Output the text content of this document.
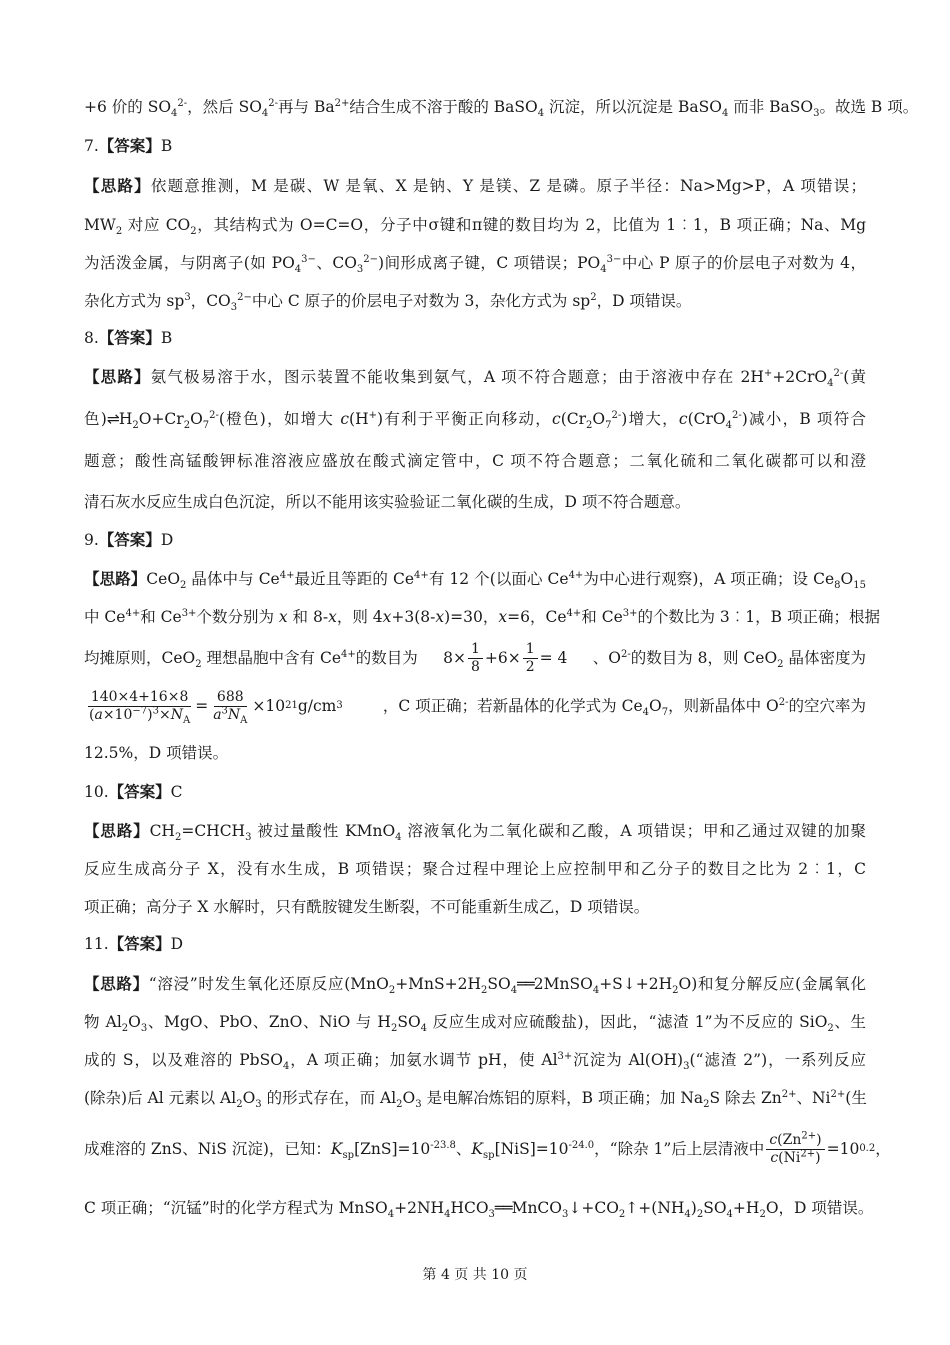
+6 价的 $SO_4^{2-}$，然后 $SO_4^{2-}$再与 $Ba^{2+}$结合生成不溶于酸的 BaSO$_4$ 沉淀，所以沉淀是 BaSO$_4$ 而非 BaSO$_3$。故选 B 项。
7.【答案】B
【思路】依题意推测，M 是碳、W 是氧、X 是钠、Y 是镁、Z 是磷。原子半径：Na>Mg>P，A 项错误；
$MW_2$ 对应 $CO_2$，其结构式为 O=C=O，分子中σ键和π键的数目均为 2，比值为 1︰1，B 项正确；Na、Mg
为活泼金属，与阴离子(如 $PO_4^{3-}$、$CO_3^{2-}$)间形成离子键，C 项错误；$PO_4^{3-}$中心 P 原子的价层电子对数为 4，
杂化方式为 $sp^3$，$CO_3^{2-}$中心 C 原子的价层电子对数为 3，杂化方式为 $sp^2$，D 项错误。
8.【答案】B
【思路】氨气极易溶于水，图示装置不能收集到氨气，A 项不符合题意；由于溶液中存在 2H++2CrO$_4^{2-}$(黄
色)$\rightleftharpoons H_2O+Cr_2O_7^{2-}$(橙色)，如增大 c(H+)有利于平衡正向移动，$c(Cr_2O_7^{2-})$增大，c(CrO$_4^{2-}$)减小，B 项符合
题意；酸性高锰酸钾标准溶液应盛放在酸式滴定管中，C 项不符合题意；二氧化硫和二氧化碳都可以和澄
清石灰水反应生成白色沉淀，所以不能用该实验验证二氧化碳的生成，D 项不符合题意。
9.【答案】D
【思路】CeO$_2$ 晶体中与 $Ce^{4+}$最近且等距的 $Ce^{4+}$有 12 个(以面心 $Ce^{4+}$为中心进行观察)，A 项正确；设 $Ce_8O_{15}$
中 $Ce^{4+}$和 $Ce^{3+}$个数分别为 x 和 8-x，则 4x+3(8-x)=30，x=6，$Ce^{4+}$和 $Ce^{3+}$的个数比为 3︰1，B 项正确；根据
均摊原则，CeO$_2$ 理想晶胞中含有 $Ce^{4+}$的数目为 $8\times \frac{1}{8} +6\times \frac{1}{2} = 4$ 、$O^{2-}$的数目为 8，则 CeO$_2$ 晶体密度为
$\frac{140\times 4+16\times 8}{(a\times 10^{-7})^3\times N_A} = \frac{688}{a^3N_A} \times 10$ 21 g/cm 3	，C 项正确；若新晶体的化学式为 $Ce_4O_7$，则新晶体中 $O^{2-}$的空穴率为
12.5%，D 项错误。
10.【答案】C
【思路】$CH_2=CHCH_3$ 被过量酸性 KMnO$_4$ 溶液氧化为二氧化碳和乙酸，A 项错误；甲和乙通过双键的加聚
反应生成高分子 X，没有水生成，B 项错误；聚合过程中理论上应控制甲和乙分子的数目之比为 2︰1，C
项正确；高分子 X 水解时，只有酰胺键发生断裂，不可能重新生成乙，D 项错误。
11.【答案】D
【思路】“溶浸”时发生氧化还原反应$(MnO_2+MnS+2H_2SO_4══2MnSO_4+S↓+2H_2O)$和复分解反应(金属氧化
物 $Al_2O_3$、MgO、PbO、ZnO、NiO 与 $H_2SO_4$ 反应生成对应硫酸盐)，因此，“滤渣 1”为不反应的 SiO$_2$、生
成的 S，以及难溶的 PbSO$_4$，A 项正确；加氨水调节 pH，使 $Al^{3+}$沉淀为 $Al(OH)_3(“$滤渣 2”)，一系列反应
(除杂)后 Al 元素以 $Al_2O_3$ 的形式存在，而 $Al_2O_3$ 是电解冶炼铝的原料，B 项正确；加 $Na_2S$ 除去 $Zn^{2+}$、$Ni^{2+}$(生
成难溶的 ZnS、NiS 沉淀)，已知：$K_{sp}[ZnS]=10^{-23.8}$、$K_{sp}[NiS]=10^{-24.0}$，“除杂 1”后上层清液中 $\frac{c(Zn^{2+})}{c(Ni^{2+})} =10$ 0.2 ，
C 项正确；“沉锰”时的化学方程式为 $MnSO_4+2NH_4HCO_3══MnCO_3↓+CO_2↑+(NH_4)_2SO_4+H_2O$，D 项错误。
第 4 页 共 10 页
